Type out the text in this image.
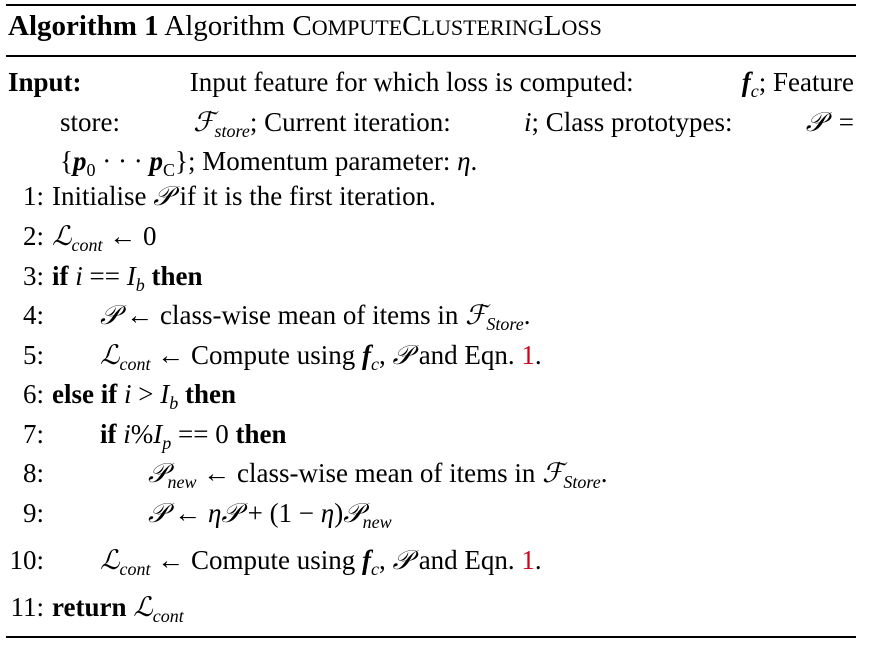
Algorithm 1 Algorithm COMPUTECLUSTERINGLOSS
Input:	Input feature for which loss is computed:	$f_c$; Feature
store:	ℱ$_{store}$; Current iteration:	i; Class prototypes:	𝒫  =
{$p_0$ · · · $p_C$}; Momentum parameter: η.
1: Initialise 𝒫 if it is the first iteration.
2: ℒ$_{cont}$ ← 0
3: if $i == I_b$ then
4:	𝒫 ← class-wise mean of items in ℱ$_{Store}$.
5:	ℒ$_{cont}$ ← Compute using $f_c$, 𝒫 and Eqn. 1.
6: else if $i > I_b$ then
7:	if $i\%I_p == 0$ then
8:	𝒫$_{new}$ ← class-wise mean of items in ℱ$_{Store}$.
9:	𝒫 ← η𝒫 + (1 − η)𝒫$_{new}$
10:	ℒ$_{cont}$ ← Compute using $f_c$, 𝒫 and Eqn. 1.
11: return ℒ$_{cont}$
